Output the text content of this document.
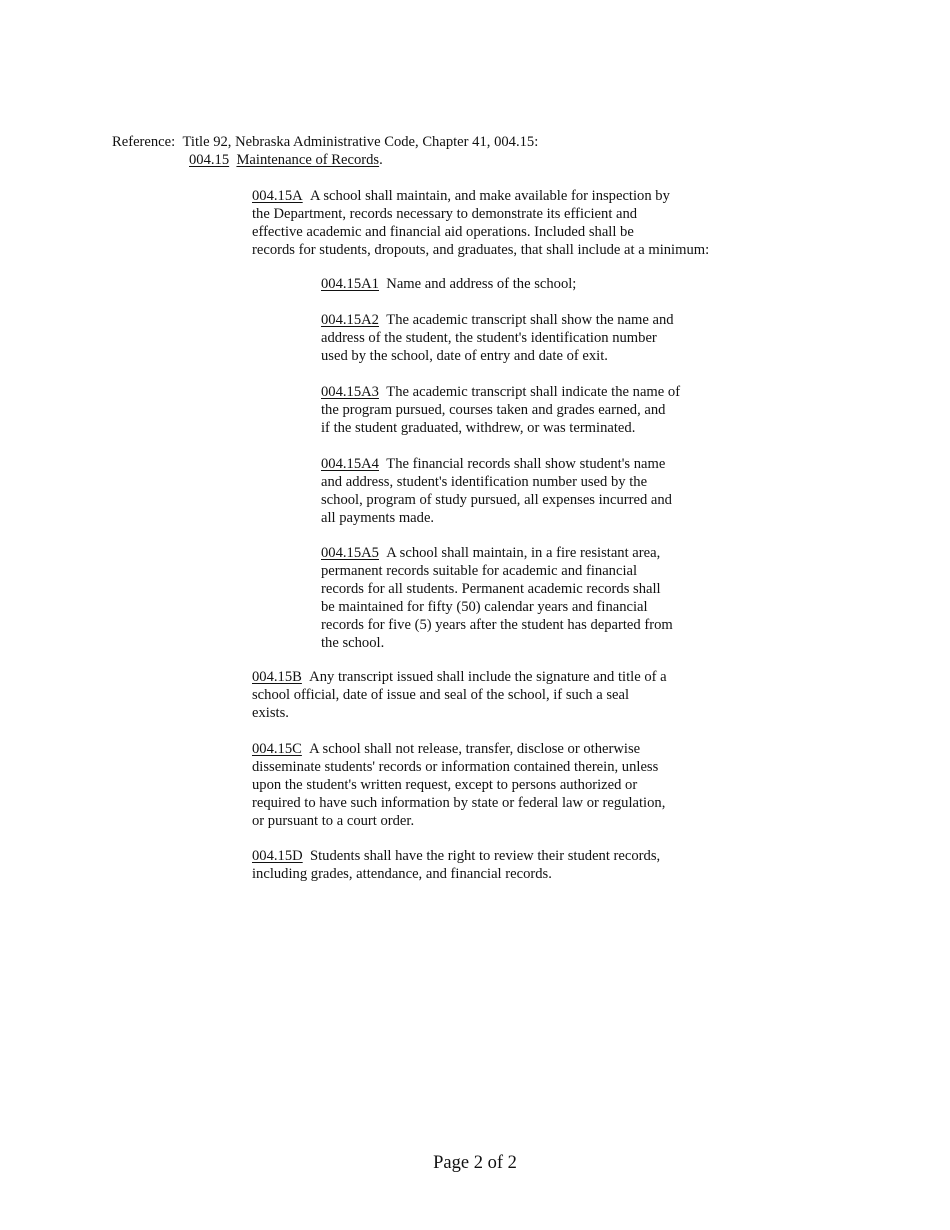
Reference: Title 92, Nebraska Administrative Code, Chapter 41, 004.15:
004.15 Maintenance of Records.
004.15A A school shall maintain, and make available for inspection by
the Department, records necessary to demonstrate its efficient and
effective academic and financial aid operations. Included shall be
records for students, dropouts, and graduates, that shall include at a minimum:
004.15A1 Name and address of the school;
004.15A2 The academic transcript shall show the name and
address of the student, the student's identification number
used by the school, date of entry and date of exit.
004.15A3 The academic transcript shall indicate the name of
the program pursued, courses taken and grades earned, and
if the student graduated, withdrew, or was terminated.
004.15A4 The financial records shall show student's name
and address, student's identification number used by the
school, program of study pursued, all expenses incurred and
all payments made.
004.15A5 A school shall maintain, in a fire resistant area,
permanent records suitable for academic and financial
records for all students. Permanent academic records shall
be maintained for fifty (50) calendar years and financial
records for five (5) years after the student has departed from
the school.
004.15B Any transcript issued shall include the signature and title of a
school official, date of issue and seal of the school, if such a seal
exists.
004.15C A school shall not release, transfer, disclose or otherwise
disseminate students' records or information contained therein, unless
upon the student's written request, except to persons authorized or
required to have such information by state or federal law or regulation,
or pursuant to a court order.
004.15D Students shall have the right to review their student records,
including grades, attendance, and financial records.
Page 2 of 2
